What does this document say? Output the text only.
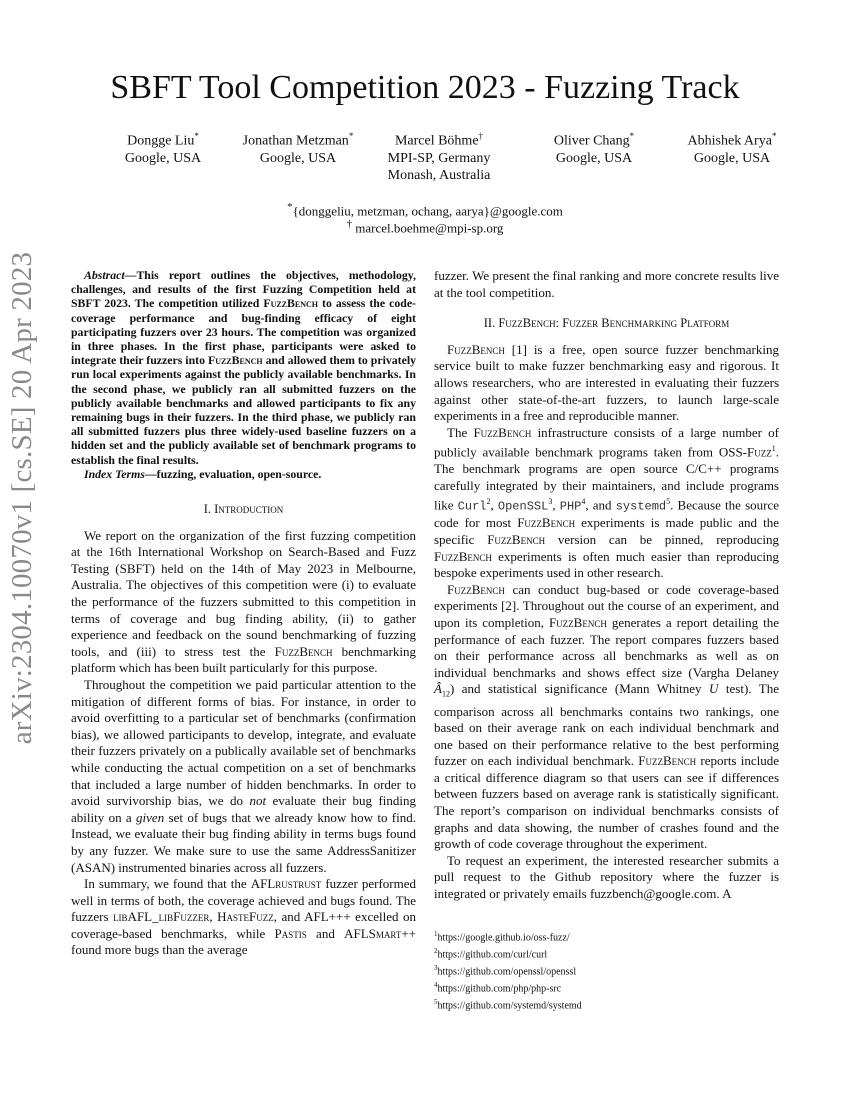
arXiv:2304.10070v1 [cs.SE] 20 Apr 2023
SBFT Tool Competition 2023 - Fuzzing Track
Dongge Liu*
Google, USA
Jonathan Metzman*
Google, USA
Marcel Böhme†
MPI-SP, Germany
Monash, Australia
Oliver Chang*
Google, USA
Abhishek Arya*
Google, USA
*{donggeliu, metzman, ochang, aarya}@google.com
† marcel.boehme@mpi-sp.org

Abstract—This report outlines the objectives, methodology, challenges, and results of the first Fuzzing Competition held at SBFT 2023. The competition utilized FuzzBench to assess the code-coverage performance and bug-finding efficacy of eight participating fuzzers over 23 hours. The competition was organized in three phases. In the first phase, participants were asked to integrate their fuzzers into FuzzBench and allowed them to privately run local experiments against the publicly available benchmarks. In the second phase, we publicly ran all submitted fuzzers on the publicly available benchmarks and allowed participants to fix any remaining bugs in their fuzzers. In the third phase, we publicly ran all submitted fuzzers plus three widely-used baseline fuzzers on a hidden set and the publicly available set of benchmark programs to establish the final results.

Index Terms—fuzzing, evaluation, open-source.

I. Introduction

We report on the organization of the first fuzzing competition at the 16th International Workshop on Search-Based and Fuzz Testing (SBFT) held on the 14th of May 2023 in Melbourne, Australia. The objectives of this competition were (i) to evaluate the performance of the fuzzers submitted to this competition in terms of coverage and bug finding ability, (ii) to gather experience and feedback on the sound benchmarking of fuzzing tools, and (iii) to stress test the FuzzBench benchmarking platform which has been built particularly for this purpose.

Throughout the competition we paid particular attention to the mitigation of different forms of bias. For instance, in order to avoid overfitting to a particular set of benchmarks (confirmation bias), we allowed participants to develop, integrate, and evaluate their fuzzers privately on a publically available set of benchmarks while conducting the actual competition on a set of benchmarks that included a large number of hidden benchmarks. In order to avoid survivorship bias, we do not evaluate their bug finding ability on a given set of bugs that we already know how to find. Instead, we evaluate their bug finding ability in terms bugs found by any fuzzer. We make sure to use the same AddressSanitizer (ASAN) instrumented binaries across all fuzzers.

In summary, we found that the AFLrustrust fuzzer performed well in terms of both, the coverage achieved and bugs found. The fuzzers libAFL_libFuzzer, HasteFuzz, and AFL+++ excelled on coverage-based benchmarks, while Pastis and AFLSmart++ found more bugs than the average

fuzzer. We present the final ranking and more concrete results live at the tool competition.

II. FuzzBench: Fuzzer Benchmarking Platform

FuzzBench [1] is a free, open source fuzzer benchmarking service built to make fuzzer benchmarking easy and rigorous. It allows researchers, who are interested in evaluating their fuzzers against other state-of-the-art fuzzers, to launch large-scale experiments in a free and reproducible manner.

The FuzzBench infrastructure consists of a large number of publicly available benchmark programs taken from OSS-Fuzz$^1$. The benchmark programs are open source C/C++ programs carefully integrated by their maintainers, and include programs like Curl$^2$, OpenSSL$^3$, PHP$^4$, and systemd$^5$. Because the source code for most FuzzBench experiments is made public and the specific FuzzBench version can be pinned, reproducing FuzzBench experiments is often much easier than reproducing bespoke experiments used in other research.

FuzzBench can conduct bug-based or code coverage-based experiments [2]. Throughout out the course of an experiment, and upon its completion, FuzzBench generates a report detailing the performance of each fuzzer. The report compares fuzzers based on their performance across all benchmarks as well as on individual benchmarks and shows effect size (Vargha Delaney $Â_{12}$) and statistical significance (Mann Whitney U test). The comparison across all benchmarks contains two rankings, one based on their average rank on each individual benchmark and one based on their performance relative to the best performing fuzzer on each individual benchmark. FuzzBench reports include a critical difference diagram so that users can see if differences between fuzzers based on average rank is statistically significant. The report’s comparison on individual benchmarks consists of graphs and data showing, the number of crashes found and the growth of code coverage throughout the experiment.

To request an experiment, the interested researcher submits a pull request to the Github repository where the fuzzer is integrated or privately emails fuzzbench@google.com. A

$^1$https://google.github.io/oss-fuzz/
$^2$https://github.com/curl/curl
$^3$https://github.com/openssl/openssl
$^4$https://github.com/php/php-src
$^5$https://github.com/systemd/systemd
